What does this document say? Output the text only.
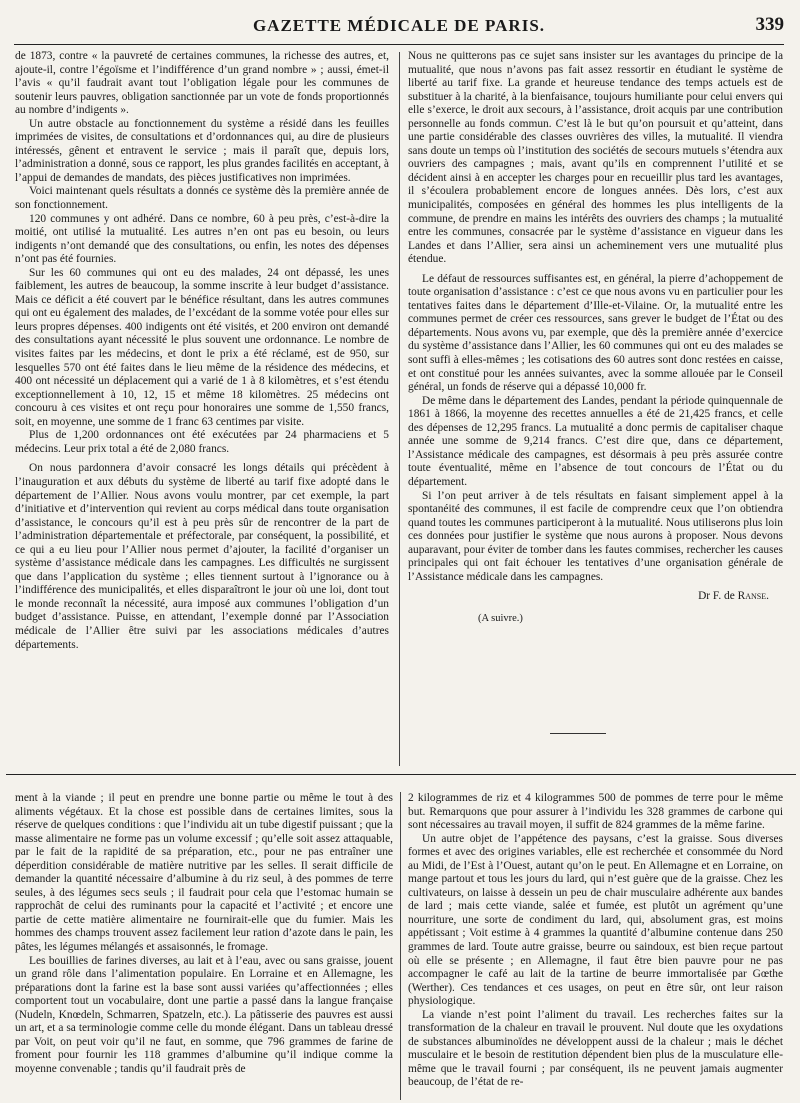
GAZETTE MÉDICALE DE PARIS.	339

de 1873, contre « la pauvreté de certaines communes, la richesse des autres, et, ajoute-il, contre l’égoïsme et l’indifférence d’un grand nombre » ; aussi, émet-il l’avis « qu’il faudrait avant tout l’obligation légale pour les communes de soutenir leurs pauvres, obligation sanctionnée par un vote de fonds proportionnés au nombre d’indigents ».

Un autre obstacle au fonctionnement du système a résidé dans les feuilles imprimées de visites, de consultations et d’ordonnances qui, au dire de plusieurs intéressés, gênent et entravent le service ; mais il paraît que, depuis lors, l’administration a donné, sous ce rapport, les plus grandes facilités en acceptant, à l’appui de demandes de mandats, des pièces justificatives non imprimées.

Voici maintenant quels résultats a donnés ce système dès la première année de son fonctionnement.

120 communes y ont adhéré. Dans ce nombre, 60 à peu près, c’est-à-dire la moitié, ont utilisé la mutualité. Les autres n’en ont pas eu besoin, ou leurs indigents n’ont demandé que des consultations, ou enfin, les notes des dépenses n’ont pas été fournies.

Sur les 60 communes qui ont eu des malades, 24 ont dépassé, les unes faiblement, les autres de beaucoup, la somme inscrite à leur budget d’assistance. Mais ce déficit a été couvert par le bénéfice résultant, dans les autres communes qui ont eu également des malades, de l’excédant de la somme votée pour elles sur leurs propres dépenses. 400 indigents ont été visités, et 200 environ ont demandé des consultations ayant nécessité le plus souvent une ordonnance. Le nombre de visites faites par les médecins, et dont le prix a été réclamé, est de 950, sur lesquelles 570 ont été faites dans le lieu même de la résidence des médecins, et 400 ont nécessité un déplacement qui a varié de 1 à 8 kilomètres, et s’est étendu exceptionnellement à 10, 12, 15 et même 18 kilomètres. 25 médecins ont concouru à ces visites et ont reçu pour honoraires une somme de 1,550 francs, soit, en moyenne, une somme de 1 franc 63 centimes par visite.

Plus de 1,200 ordonnances ont été exécutées par 24 pharmaciens et 5 médecins. Leur prix total a été de 2,080 francs.

On nous pardonnera d’avoir consacré les longs détails qui précèdent à l’inauguration et aux débuts du système de liberté au tarif fixe adopté dans le département de l’Allier. Nous avons voulu montrer, par cet exemple, la part d’initiative et d’intervention qui revient au corps médical dans toute organisation d’assistance, le concours qu’il est à peu près sûr de rencontrer de la part de l’administration départementale et préfectorale, par conséquent, la possibilité, et ce qui a eu lieu pour l’Allier nous permet d’ajouter, la facilité d’organiser un système d’assistance médicale dans les campagnes. Les difficultés ne surgissent que dans l’application du système ; elles tiennent surtout à l’ignorance ou à l’indifférence des municipalités, et elles disparaîtront le jour où une loi, dont tout le monde reconnaît la nécessité, aura imposé aux communes l’obligation d’un budget d’assistance. Puisse, en attendant, l’exemple donné par l’Association médicale de l’Allier être suivi par les associations médicales d’autres départements.

Nous ne quitterons pas ce sujet sans insister sur les avantages du principe de la mutualité, que nous n’avons pas fait assez ressortir en étudiant le système de liberté au tarif fixe. La grande et heureuse tendance des temps actuels est de substituer à la charité, à la bienfaisance, toujours humiliante pour celui envers qui elle s’exerce, le droit aux secours, à l’assistance, droit acquis par une contribution personnelle au fonds commun. C’est là le but qu’on poursuit et qu’atteint, dans une partie considérable des classes ouvrières des villes, la mutualité. Il viendra sans doute un temps où l’institution des sociétés de secours mutuels s’étendra aux ouvriers des campagnes ; mais, avant qu’ils en comprennent l’utilité et se décident ainsi à en accepter les charges pour en recueillir plus tard les avantages, il s’écoulera probablement encore de longues années. Dès lors, c’est aux municipalités, composées en général des hommes les plus intelligents de la commune, de prendre en mains les intérêts des ouvriers des champs ; la mutualité entre les communes, consacrée par le système d’assistance en vigueur dans les Landes et dans l’Allier, sera ainsi un acheminement vers une mutualité plus étendue.

Le défaut de ressources suffisantes est, en général, la pierre d’achoppement de toute organisation d’assistance : c’est ce que nous avons vu en particulier pour les tentatives faites dans le département d’Ille-et-Vilaine. Or, la mutualité entre les communes permet de créer ces ressources, sans grever le budget de l’État ou des départements. Nous avons vu, par exemple, que dès la première année d’exercice du système d’assistance dans l’Allier, les 60 communes qui ont eu des malades se sont suffi à elles-mêmes ; les cotisations des 60 autres sont donc restées en caisse, et ont constitué pour les années suivantes, avec la somme allouée par le Conseil général, un fonds de réserve qui a dépassé 10,000 fr.

De même dans le département des Landes, pendant la période quinquennale de 1861 à 1866, la moyenne des recettes annuelles a été de 21,425 francs, et celle des dépenses de 12,295 francs. La mutualité a donc permis de capitaliser chaque année une somme de 9,214 francs. C’est dire que, dans ce département, l’Assistance médicale des campagnes, est désormais à peu près assurée contre toute éventualité, même en l’absence de tout concours de l’État ou du département.

Si l’on peut arriver à de tels résultats en faisant simplement appel à la spontanéité des communes, il est facile de comprendre ceux que l’on obtiendra quand toutes les communes participeront à la mutualité. Nous utiliserons plus loin ces données pour justifier le système que nous aurons à proposer. Nous devons auparavant, pour éviter de tomber dans les fautes commises, rechercher les causes principales qui ont fait échouer les tentatives d’une organisation générale de l’Assistance médicale dans les campagnes.

Dr F. de Ranse.

(A suivre.)

ment à la viande ; il peut en prendre une bonne partie ou même le tout à des aliments végétaux. Et la chose est possible dans de certaines limites, sous la réserve de quelques conditions : que l’individu ait un tube digestif puissant ; que la masse alimentaire ne forme pas un volume excessif ; qu’elle soit assez attaquable, par le fait de la rapidité de sa préparation, etc., pour ne pas entraîner une déperdition considérable de matière nutritive par les selles. Il serait difficile de demander la quantité nécessaire d’albumine à du riz seul, à des pommes de terre seules, à des légumes secs seuls ; il faudrait pour cela que l’estomac humain se rapprochât de celui des ruminants pour la capacité et l’activité ; et encore une partie de cette matière alimentaire ne fournirait-elle que du fumier. Mais les hommes des champs trouvent assez facilement leur ration d’azote dans le pain, les pâtes, les légumes mélangés et assaisonnés, le fromage.

Les bouillies de farines diverses, au lait et à l’eau, avec ou sans graisse, jouent un grand rôle dans l’alimentation populaire. En Lorraine et en Allemagne, les préparations dont la farine est la base sont aussi variées qu’affectionnées ; elles comportent tout un vocabulaire, dont une partie a passé dans la langue française (Nudeln, Knœdeln, Schmarren, Spatzeln, etc.). La pâtisserie des pauvres est aussi un art, et a sa terminologie comme celle du monde élégant. Dans un tableau dressé par Voit, on peut voir qu’il ne faut, en somme, que 796 grammes de farine de froment pour fournir les 118 grammes d’albumine qu’il indique comme la moyenne convenable ; tandis qu’il faudrait près de

2 kilogrammes de riz et 4 kilogrammes 500 de pommes de terre pour le même but. Remarquons que pour assurer à l’individu les 328 grammes de carbone qui sont nécessaires au travail moyen, il suffit de 824 grammes de la même farine.

Un autre objet de l’appétence des paysans, c’est la graisse. Sous diverses formes et avec des origines variables, elle est recherchée et consommée du Nord au Midi, de l’Est à l’Ouest, autant qu’on le peut. En Allemagne et en Lorraine, on mange partout et tous les jours du lard, qui n’est guère que de la graisse. Chez les cultivateurs, on laisse à dessein un peu de chair musculaire adhérente aux bandes de lard ; mais cette viande, salée et fumée, est plutôt un agrément qu’une nourriture, une sorte de condiment du lard, qui, absolument gras, est moins appétissant ; Voit estime à 4 grammes la quantité d’albumine contenue dans 250 grammes de lard. Toute autre graisse, beurre ou saindoux, est bien reçue partout où elle se présente ; en Allemagne, il faut être bien pauvre pour ne pas accompagner le café au lait de la tartine de beurre immortalisée par Gœthe (Werther). Ces tendances et ces usages, on peut en être sûr, ont leur raison physiologique.

La viande n’est point l’aliment du travail. Les recherches faites sur la transformation de la chaleur en travail le prouvent. Nul doute que les oxydations de substances albuminoïdes ne développent aussi de la chaleur ; mais le déchet musculaire et le besoin de restitution dépendent bien plus de la musculature elle-même que le travail fourni ; par conséquent, ils ne peuvent jamais augmenter beaucoup, de l’état de re-
